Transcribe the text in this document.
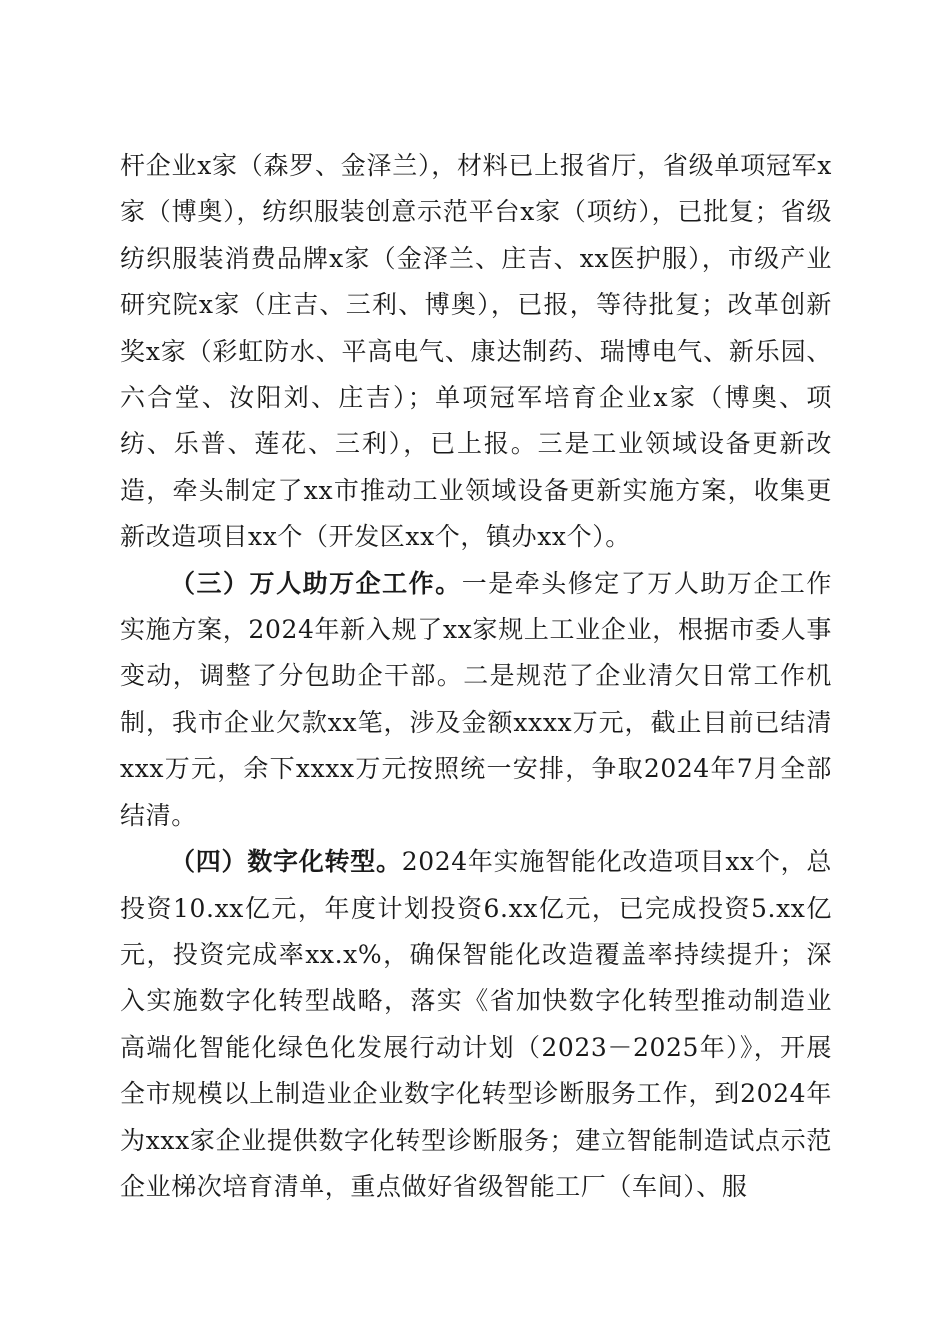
杆企业x家（森罗、金泽兰），材料已上报省厅，省级单项冠军x家（博奥），纺织服装创意示范平台x家（项纺），已批复；省级纺织服装消费品牌x家（金泽兰、庄吉、xx医护服），市级产业研究院x家（庄吉、三利、博奥），已报，等待批复；改革创新奖x家（彩虹防水、平高电气、康达制药、瑞博电气、新乐园、六合堂、汝阳刘、庄吉）；单项冠军培育企业x家（博奥、项纺、乐普、莲花、三利），已上报。三是工业领域设备更新改造，牵头制定了xx市推动工业领域设备更新实施方案，收集更新改造项目xx个（开发区xx个，镇办xx个）。

（三）万人助万企工作。一是牵头修定了万人助万企工作实施方案，2024年新入规了xx家规上工业企业，根据市委人事变动，调整了分包助企干部。二是规范了企业清欠日常工作机制，我市企业欠款xx笔，涉及金额xxxx万元，截止目前已结清xxx万元，余下xxxx万元按照统一安排，争取2024年7月全部结清。

（四）数字化转型。2024年实施智能化改造项目xx个，总投资10.xx亿元，年度计划投资6.xx亿元，已完成投资5.xx亿元，投资完成率xx.x%，确保智能化改造覆盖率持续提升；深入实施数字化转型战略，落实《省加快数字化转型推动制造业高端化智能化绿色化发展行动计划（2023－2025年）》，开展全市规模以上制造业企业数字化转型诊断服务工作，到2024年为xxx家企业提供数字化转型诊断服务；建立智能制造试点示范企业梯次培育清单，重点做好省级智能工厂（车间）、服
